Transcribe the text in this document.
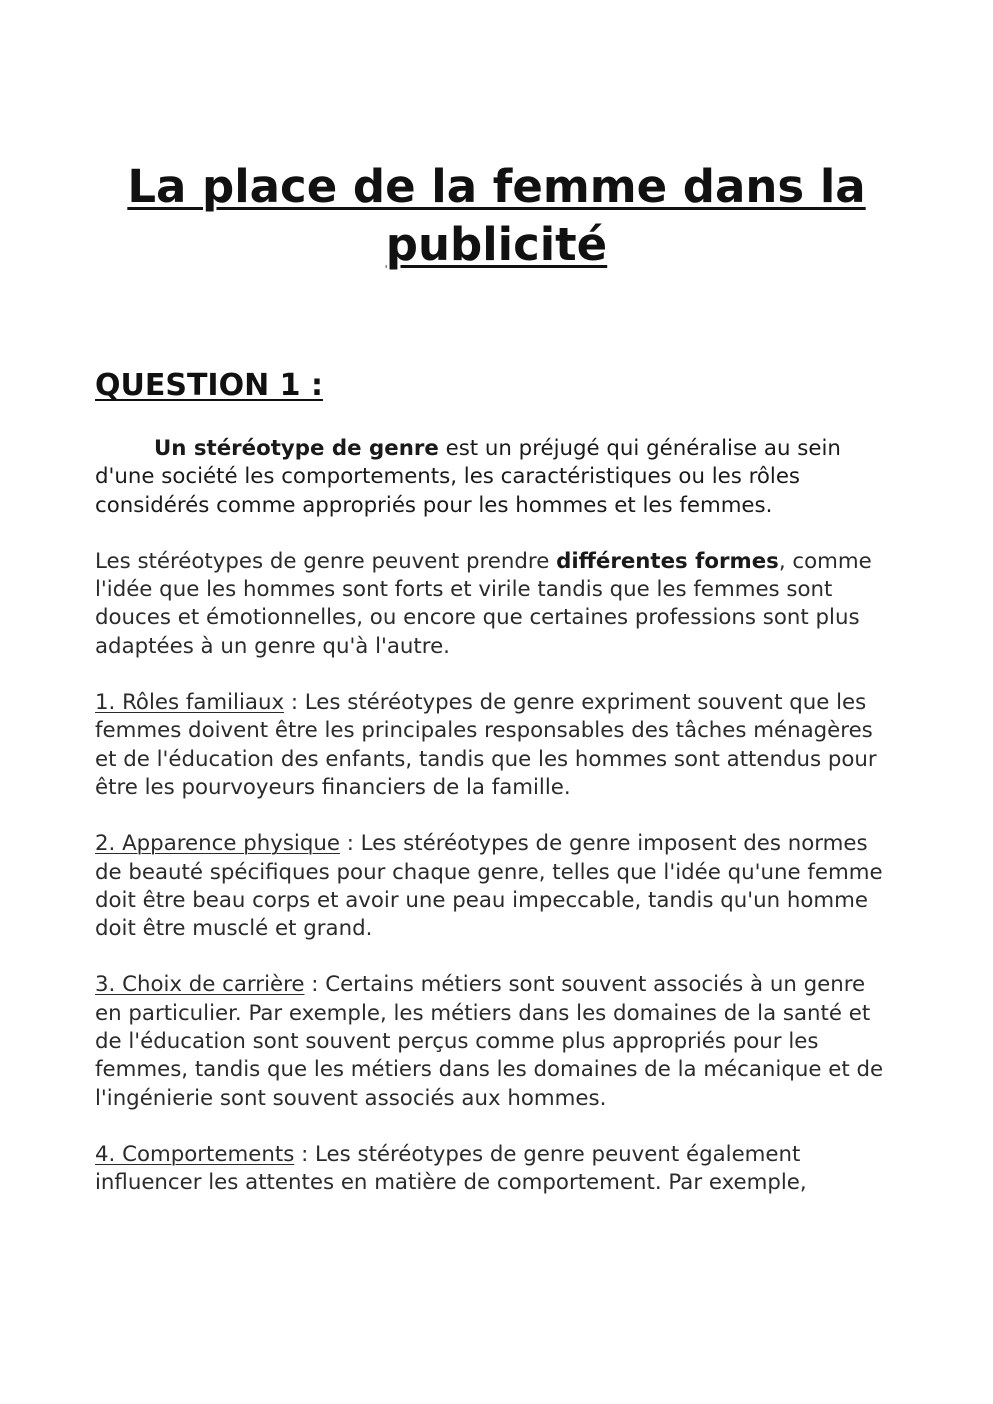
La place de la femme dans la publicité
QUESTION 1 :

Un stéréotype de genre est un préjugé qui généralise au sein d'une société les comportements, les caractéristiques ou les rôles considérés comme appropriés pour les hommes et les femmes.

Les stéréotypes de genre peuvent prendre différentes formes, comme l'idée que les hommes sont forts et virile tandis que les femmes sont douces et émotionnelles, ou encore que certaines professions sont plus adaptées à un genre qu'à l'autre.

1. Rôles familiaux : Les stéréotypes de genre expriment souvent que les femmes doivent être les principales responsables des tâches ménagères et de l'éducation des enfants, tandis que les hommes sont attendus pour être les pourvoyeurs financiers de la famille.

2. Apparence physique : Les stéréotypes de genre imposent des normes de beauté spécifiques pour chaque genre, telles que l'idée qu'une femme doit être beau corps et avoir une peau impeccable, tandis qu'un homme doit être musclé et grand.

3. Choix de carrière : Certains métiers sont souvent associés à un genre en particulier. Par exemple, les métiers dans les domaines de la santé et de l'éducation sont souvent perçus comme plus appropriés pour les femmes, tandis que les métiers dans les domaines de la mécanique et de l'ingénierie sont souvent associés aux hommes.

4. Comportements : Les stéréotypes de genre peuvent également influencer les attentes en matière de comportement. Par exemple,
